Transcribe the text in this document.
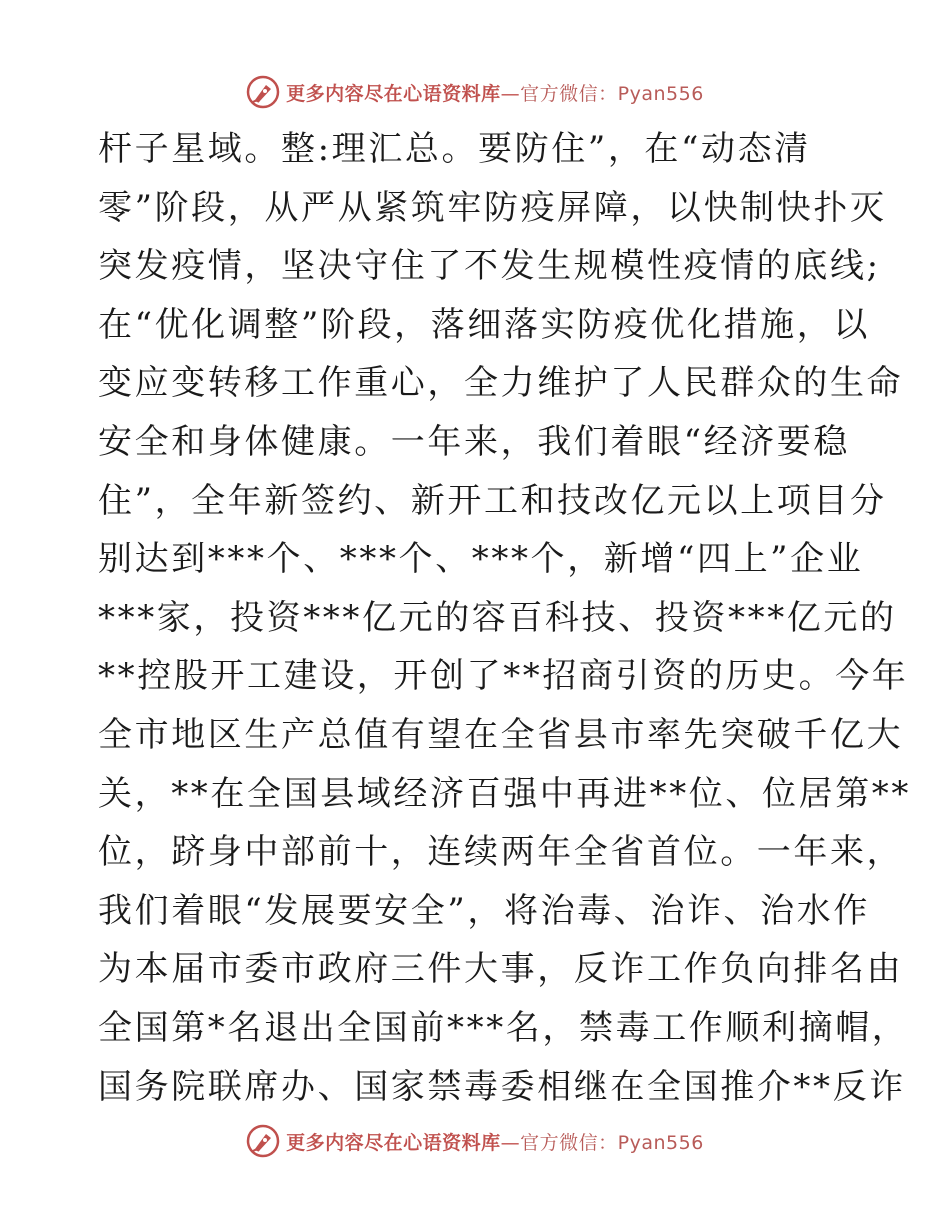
更多内容尽在心语资料库—官方微信：Pyan556
杆子星域。整:理汇总。要防住”，在“动态清
零”阶段，从严从紧筑牢防疫屏障，以快制快扑灭
突发疫情，坚决守住了不发生规模性疫情的底线;
在“优化调整”阶段，落细落实防疫优化措施，以
变应变转移工作重心，全力维护了人民群众的生命
安全和身体健康。一年来，我们着眼“经济要稳
住”，全年新签约、新开工和技改亿元以上项目分
别达到***个、***个、***个，新增“四上”企业
***家，投资***亿元的容百科技、投资***亿元的
**控股开工建设，开创了**招商引资的历史。今年
全市地区生产总值有望在全省县市率先突破千亿大
关，**在全国县域经济百强中再进**位、位居第**
位，跻身中部前十，连续两年全省首位。一年来，
我们着眼“发展要安全”，将治毒、治诈、治水作
为本届市委市政府三件大事，反诈工作负向排名由
全国第*名退出全国前***名，禁毒工作顺利摘帽，
国务院联席办、国家禁毒委相继在全国推介**反诈
更多内容尽在心语资料库—官方微信：Pyan556
